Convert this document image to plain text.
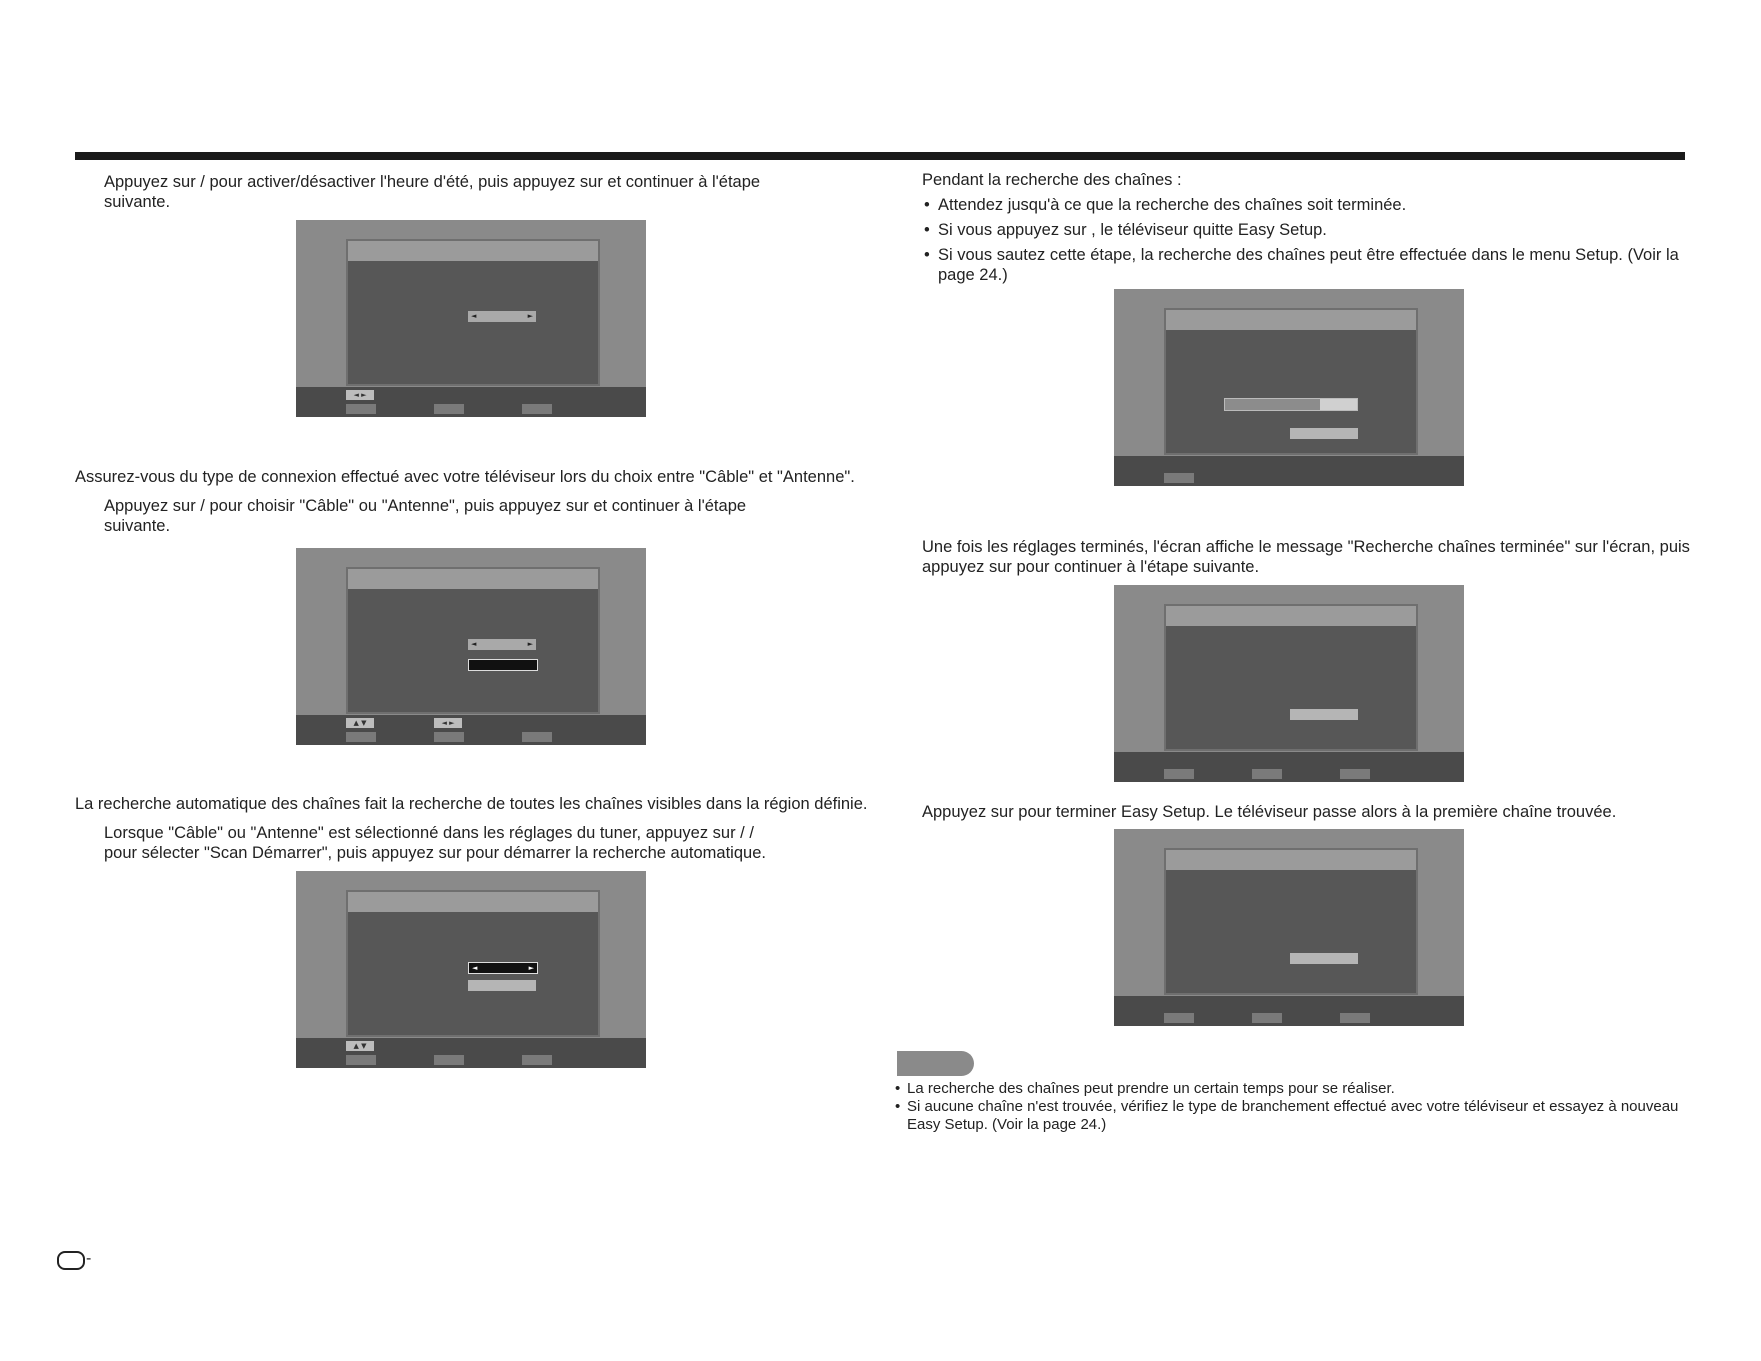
Appuyez sur / pour activer/désactiver l'heure d'été, puis appuyez sur et continuer à l'étape

suivante.

◄	►
◄ ►

Assurez-vous du type de connexion effectué avec votre téléviseur lors du choix entre "Câble" et "Antenne".

Appuyez sur / pour choisir "Câble" ou "Antenne", puis appuyez sur et continuer à l'étape

suivante.

◄	►
▲ ▼	◄ ►

La recherche automatique des chaînes fait la recherche de toutes les chaînes visibles dans la région définie.

Lorsque "Câble" ou "Antenne" est sélectionné dans les réglages du tuner, appuyez sur / /

pour sélecter "Scan Démarrer", puis appuyez sur pour démarrer la recherche automatique.

◄	►
▲ ▼

Pendant la recherche des chaînes :

• Attendez jusqu'à ce que la recherche des chaînes soit terminée.
• Si vous appuyez sur , le téléviseur quitte Easy Setup.
• Si vous sautez cette étape, la recherche des chaînes peut être effectuée dans le menu Setup. (Voir la
page 24.)

Une fois les réglages terminés, l'écran affiche le message "Recherche chaînes terminée" sur l'écran, puis

appuyez sur pour continuer à l'étape suivante.

Appuyez sur pour terminer Easy Setup. Le téléviseur passe alors à la première chaîne trouvée.

• La recherche des chaînes peut prendre un certain temps pour se réaliser.
• Si aucune chaîne n'est trouvée, vérifiez le type de branchement effectué avec votre téléviseur et essayez à nouveau
Easy Setup. (Voir la page 24.)
-
